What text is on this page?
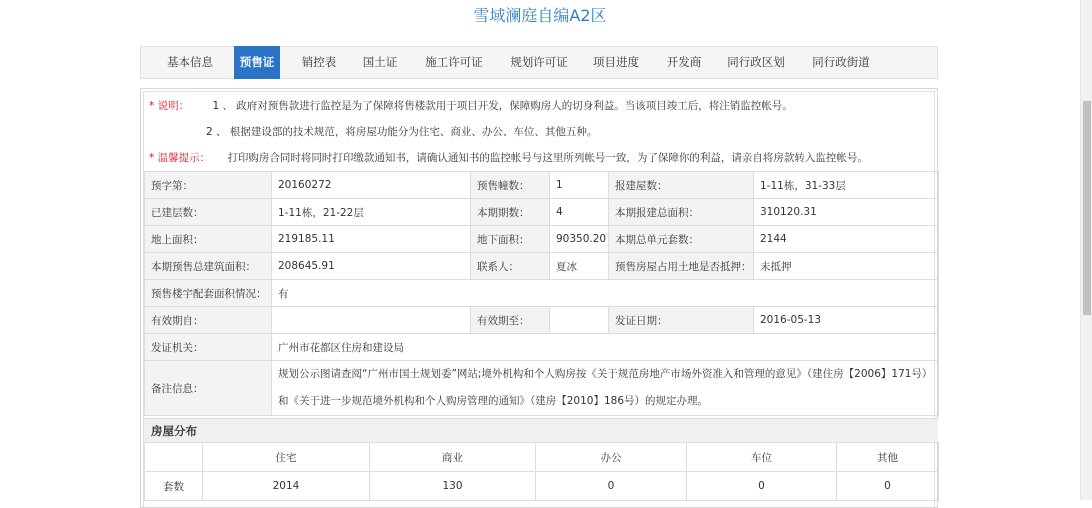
雪域澜庭自编A2区
基本信息	预售证	销控表	国土证	施工许可证 规划许可证 项目进度	开发商	同行政区划 同行政街道
* 说明： 1 、 政府对预售款进行监控是为了保障将售楼款用于项目开发，保障购房人的切身利益。当该项目竣工后，将注销监控帐号。
2 、 根据建设部的技术规范，将房屋功能分为住宅、商业、办公、车位、其他五种。
* 温馨提示： 打印购房合同时将同时打印缴款通知书，请确认通知书的监控帐号与这里所列帐号一致，为了保障你的利益，请亲自将房款转入监控帐号。
预字第：	20160272	预售幢数：	1	报建屋数：	1-11栋，31-33层
已建层数：	1-11栋，21-22层	本期期数：	4	本期报建总面积：	310120.31
地上面积：	219185.11	地下面积：	90350.20	本期总单元套数：	2144
本期预售总建筑面积：	208645.91	联系人：	夏冰	预售房屋占用土地是否抵押：	未抵押
预售楼宇配套面积情况：	有				
有效期自：		有效期至：		发证日期：	2016-05-13
发证机关：	广州市花都区住房和建设局				
备注信息：	规划公示图请查阅“广州市国土规划委”网站;境外机构和个人购房按《关于规范房地产市场外资准入和管理的意见》（建住房【2006】171号）和《关于进一步规范境外机构和个人购房管理的通知》（建房【2010】186号）的规定办理。				
房屋分布
	住宅	商业	办公	车位	其他
套数	2014	130	0	0	0
